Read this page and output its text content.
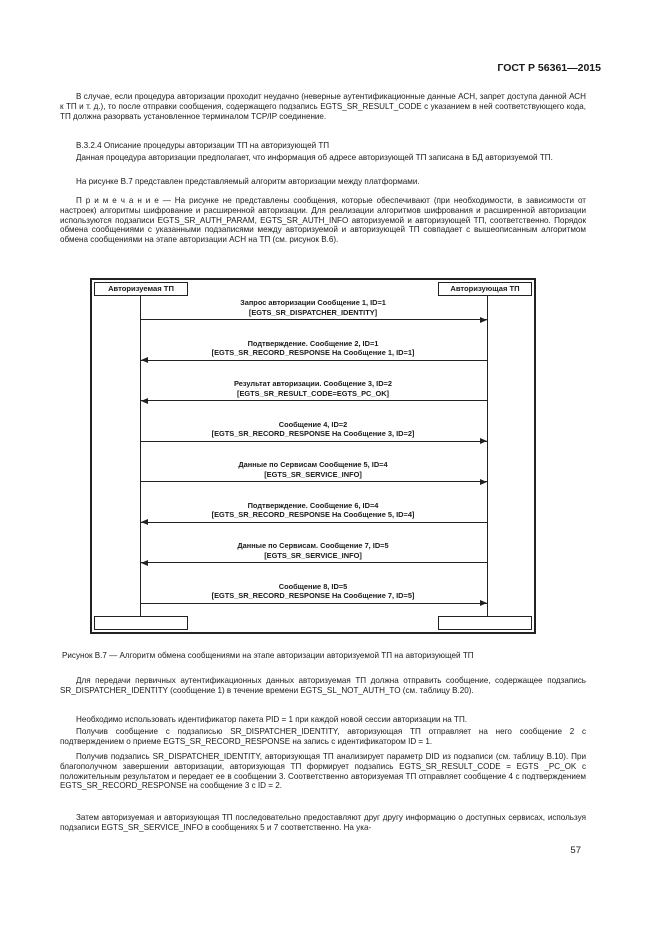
ГОСТ Р 56361—2015

В случае, если процедура авторизации проходит неудачно (неверные аутентификационные данные АСН, запрет доступа данной АСН к ТП и т. д.), то после отправки сообщения, содержащего подзапись EGTS_SR_RESULT_CODE с указанием в ней соответствующего кода, ТП должна разорвать установленное терминалом TCP/IP соединение.

В.3.2.4 Описание процедуры авторизации ТП на авторизующей ТП

Данная процедура авторизации предполагает, что информация об адресе авторизующей ТП записана в БД авторизуемой ТП.

На рисунке В.7 представлен представляемый алгоритм авторизации между платформами.

П р и м е ч а н и е — На рисунке не представлены сообщения, которые обеспечивают (при необходимости, в зависимости от настроек) алгоритмы шифрование и расширенной авторизации. Для реализации алгоритмов шифрования и расширенной авторизации используются подзаписи EGTS_SR_AUTH_PARAM, EGTS_SR_AUTH_INFO авторизуемой и авторизующей ТП, соответственно. Порядок обмена сообщениями с указанными подзаписями между авторизуемой и авторизующей ТП совпадает с вышеописанным алгоритмом обмена сообщениями на этапе авторизации АСН на ТП (см. рисунок В.6).

Авторизуемая ТП	Авторизующая ТП
Запрос авторизации Сообщение 1, ID=1
[EGTS_SR_DISPATCHER_IDENTITY]
Подтверждение. Сообщение 2, ID=1
[EGTS_SR_RECORD_RESPONSE На Сообщение 1, ID=1]
Результат авторизации. Сообщение 3, ID=2
[EGTS_SR_RESULT_CODE=EGTS_PC_OK]
Сообщение 4, ID=2
[EGTS_SR_RECORD_RESPONSE На Сообщение 3, ID=2]
Данные по Сервисам Сообщение 5, ID=4
[EGTS_SR_SERVICE_INFO]
Подтверждение. Сообщение 6, ID=4
[EGTS_SR_RECORD_RESPONSE На Сообщение 5, ID=4]
Данные по Сервисам. Сообщение 7, ID=5
[EGTS_SR_SERVICE_INFO]
Сообщение 8, ID=5
[EGTS_SR_RECORD_RESPONSE На Сообщение 7, ID=5]
Рисунок В.7 — Алгоритм обмена сообщениями на этапе авторизации авторизуемой ТП на авторизующей ТП

Для передачи первичных аутентификационных данных авторизуемая ТП должна отправить сообщение, содержащее подзапись SR_DISPATCHER_IDENTITY (сообщение 1) в течение времени EGTS_SL_NOT_AUTH_TO (см. таблицу В.20).

Необходимо использовать идентификатор пакета PID = 1 при каждой новой сессии авторизации на ТП.

Получив сообщение с подзаписью SR_DISPATCHER_IDENTITY, авторизующая ТП отправляет на него сообщение 2 с подтверждением о приеме EGTS_SR_RECORD_RESPONSE на запись с идентификатором ID = 1.

Получив подзапись SR_DISPATCHER_IDENTITY, авторизующая ТП анализирует параметр DID из подзаписи (см. таблицу В.10). При благополучном завершении авторизации, авторизующая ТП формирует подзапись EGTS_SR_RESULT_CODE = EGTS _PC_OK с положительным результатом и передает ее в сообщении 3. Соответственно авторизуемая ТП отправляет сообщение 4 с подтверждением EGTS_SR_RECORD_RESPONSE на сообщение 3 с ID = 2.

Затем авторизуемая и авторизующая ТП последовательно предоставляют друг другу информацию о доступных сервисах, используя подзаписи EGTS_SR_SERVICE_INFO в сообщениях 5 и 7 соответственно. На ука-

57
